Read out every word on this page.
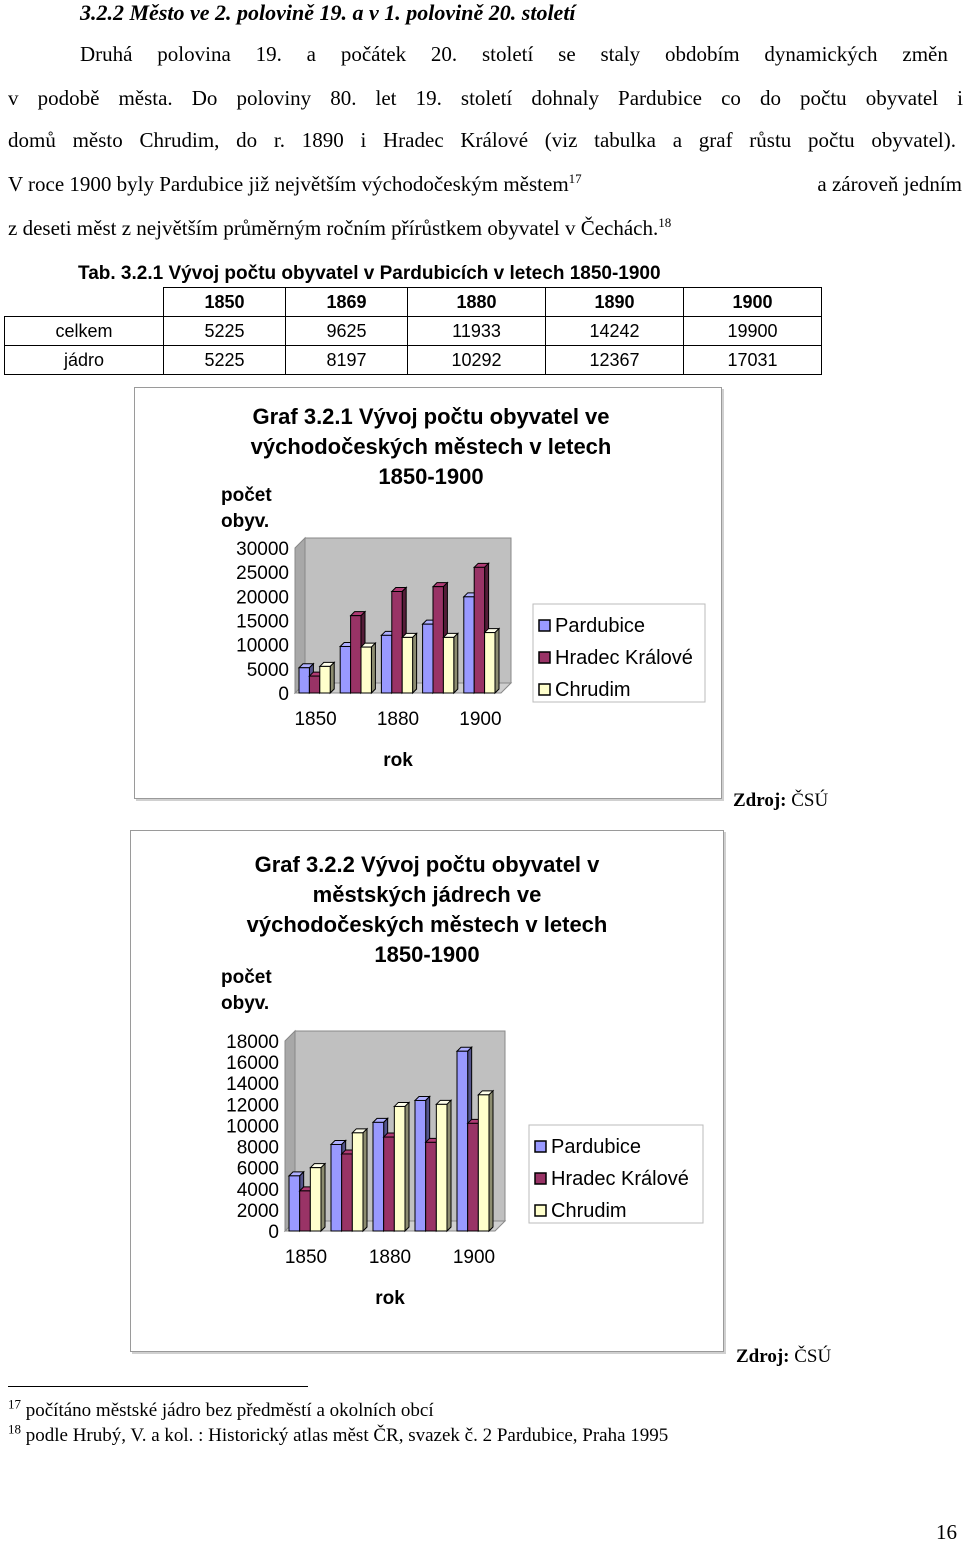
3.2.2 Město ve 2. polovině 19. a v 1. polovině 20. století
Druhá polovina 19. a počátek 20. století se staly obdobím dynamických změn
v podobě města. Do poloviny 80. let 19. století dohnaly Pardubice co do počtu obyvatel i
domů město Chrudim, do r. 1890 i Hradec Králové (viz tabulka a graf růstu počtu obyvatel).
V roce 1900 byly Pardubice již největším východočeským městem$^{17}$	a zároveň jedním
z deseti měst z největším průměrným ročním přírůstkem obyvatel v Čechách.$^{18}$
Tab. 3.2.1 Vývoj počtu obyvatel v Pardubicích v letech 1850-1900
	1850	1869	1880	1890	1900
celkem	5225	9625	11933	14242	19900
jádro	5225	8197	10292	12367	17031
Graf 3.2.1 Vývoj počtu obyvatel ve
východočeských městech v letech
1850-1900
počet
obyv.
0
5000
10000
15000
20000
25000
30000
1850 1880 1900
rok
Pardubice
Hradec Králové
Chrudim
Zdroj: ČSÚ
Graf 3.2.2 Vývoj počtu obyvatel v
městských jádrech ve
východočeských městech v letech
1850-1900
počet
obyv.
0
2000
4000
6000
8000
10000
12000
14000
16000
18000
1850 1880 1900
rok
Pardubice
Hradec Králové
Chrudim
Zdroj: ČSÚ
$^{17}$ počítáno městské jádro bez předměstí a okolních obcí
$^{18}$ podle Hrubý, V. a kol. : Historický atlas měst ČR, svazek č. 2 Pardubice, Praha 1995
16
